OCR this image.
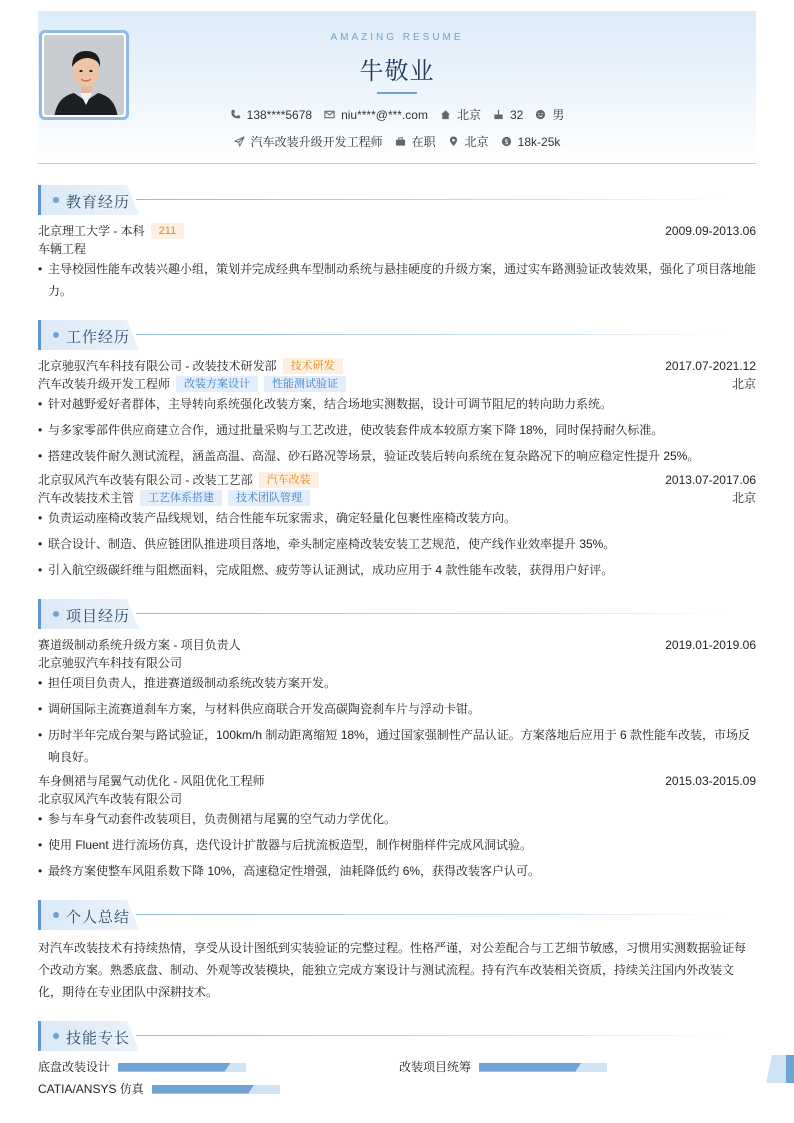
AMAZING RESUME
牛敬业
138****5678 niu****@***.com 北京 32 男
汽车改装升级开发工程师 在职 北京 $ 18k-25k
教育经历
北京理工大学 - 本科 211	2009.09-2013.06
车辆工程
• 主导校园性能车改装兴趣小组，策划并完成经典车型制动系统与悬挂硬度的升级方案，通过实车路测验证改装效果，强化了项目落地能力。
工作经历
北京驰驭汽车科技有限公司 - 改装技术研发部 技术研发	2017.07-2021.12
汽车改装升级开发工程师 改装方案设计 性能测试验证	北京
• 针对越野爱好者群体，主导转向系统强化改装方案，结合场地实测数据，设计可调节阻尼的转向助力系统。
• 与多家零部件供应商建立合作，通过批量采购与工艺改进，使改装套件成本较原方案下降 18%，同时保持耐久标准。
• 搭建改装件耐久测试流程，涵盖高温、高湿、砂石路况等场景，验证改装后转向系统在复杂路况下的响应稳定性提升 25%。
北京驭风汽车改装有限公司 - 改装工艺部 汽车改装	2013.07-2017.06
汽车改装技术主管 工艺体系搭建 技术团队管理	北京
• 负责运动座椅改装产品线规划，结合性能车玩家需求，确定轻量化包裹性座椅改装方向。
• 联合设计、制造、供应链团队推进项目落地，牵头制定座椅改装安装工艺规范，使产线作业效率提升 35%。
• 引入航空级碳纤维与阻燃面料，完成阻燃、疲劳等认证测试，成功应用于 4 款性能车改装，获得用户好评。
项目经历
赛道级制动系统升级方案 - 项目负责人	2019.01-2019.06
北京驰驭汽车科技有限公司
• 担任项目负责人，推进赛道级制动系统改装方案开发。
• 调研国际主流赛道刹车方案，与材料供应商联合开发高碳陶瓷刹车片与浮动卡钳。
• 历时半年完成台架与路试验证，100km/h 制动距离缩短 18%，通过国家强制性产品认证。方案落地后应用于 6 款性能车改装，市场反响良好。
车身侧裙与尾翼气动优化 - 风阻优化工程师	2015.03-2015.09
北京驭风汽车改装有限公司
• 参与车身气动套件改装项目，负责侧裙与尾翼的空气动力学优化。
• 使用 Fluent 进行流场仿真，迭代设计扩散器与后扰流板造型，制作树脂样件完成风洞试验。
• 最终方案使整车风阻系数下降 10%，高速稳定性增强，油耗降低约 6%，获得改装客户认可。
个人总结
对汽车改装技术有持续热情，享受从设计图纸到实装验证的完整过程。性格严谨，对公差配合与工艺细节敏感，习惯用实测数据验证每个改动方案。熟悉底盘、制动、外观等改装模块，能独立完成方案设计与测试流程。持有汽车改装相关资质，持续关注国内外改装文化，期待在专业团队中深耕技术。
技能专长
底盘改装设计	改装项目统筹
CATIA/ANSYS 仿真
